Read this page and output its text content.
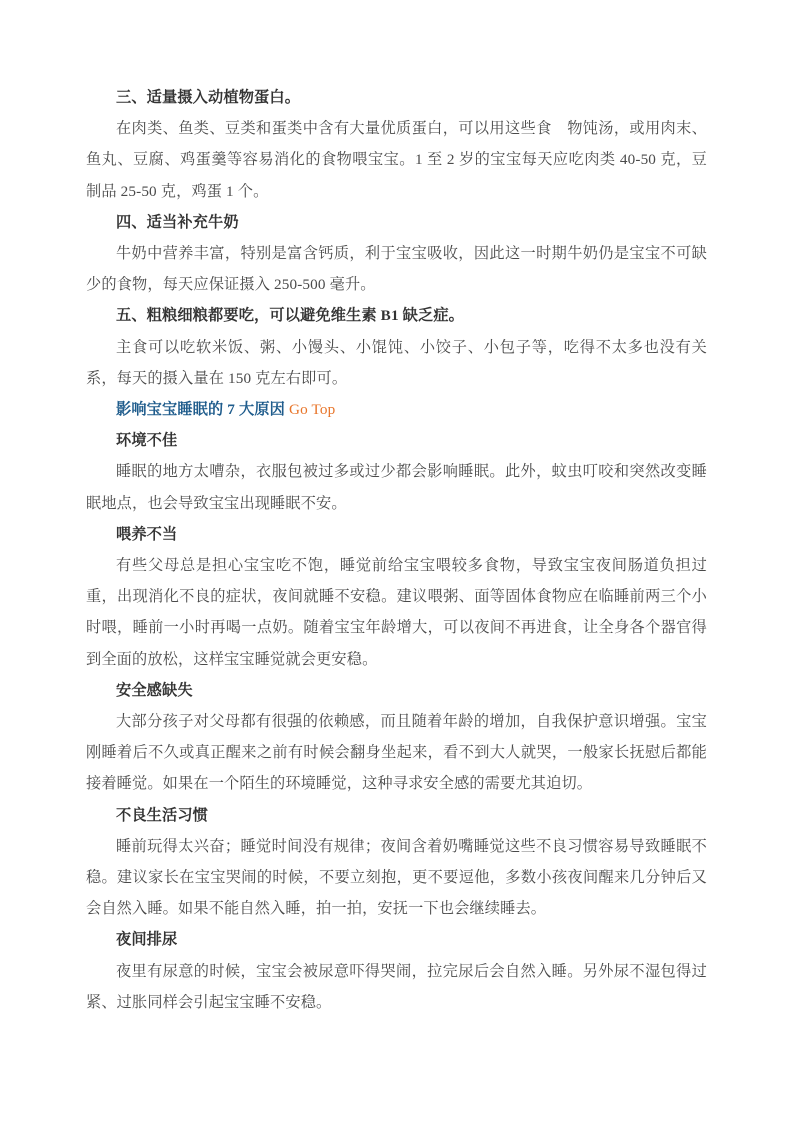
三、适量摄入动植物蛋白。

在肉类、鱼类、豆类和蛋类中含有大量优质蛋白，可以用这些食　物饨汤，或用肉末、鱼丸、豆腐、鸡蛋羹等容易消化的食物喂宝宝。1 至 2 岁的宝宝每天应吃肉类 40-50 克，豆制品 25-50 克，鸡蛋 1 个。

四、适当补充牛奶

牛奶中营养丰富，特别是富含钙质，利于宝宝吸收，因此这一时期牛奶仍是宝宝不可缺少的食物，每天应保证摄入 250-500 毫升。

五、粗粮细粮都要吃，可以避免维生素 B1 缺乏症。

主食可以吃软米饭、粥、小馒头、小馄饨、小饺子、小包子等，吃得不太多也没有关系，每天的摄入量在 150 克左右即可。

影响宝宝睡眠的 7 大原因 Go Top

环境不佳

睡眠的地方太嘈杂，衣服包被过多或过少都会影响睡眠。此外，蚊虫叮咬和突然改变睡眠地点，也会导致宝宝出现睡眠不安。

喂养不当

有些父母总是担心宝宝吃不饱，睡觉前给宝宝喂较多食物，导致宝宝夜间肠道负担过重，出现消化不良的症状，夜间就睡不安稳。建议喂粥、面等固体食物应在临睡前两三个小时喂，睡前一小时再喝一点奶。随着宝宝年龄增大，可以夜间不再进食，让全身各个器官得到全面的放松，这样宝宝睡觉就会更安稳。

安全感缺失

大部分孩子对父母都有很强的依赖感，而且随着年龄的增加，自我保护意识增强。宝宝刚睡着后不久或真正醒来之前有时候会翻身坐起来，看不到大人就哭，一般家长抚慰后都能接着睡觉。如果在一个陌生的环境睡觉，这种寻求安全感的需要尤其迫切。

不良生活习惯

睡前玩得太兴奋；睡觉时间没有规律；夜间含着奶嘴睡觉这些不良习惯容易导致睡眠不稳。建议家长在宝宝哭闹的时候，不要立刻抱，更不要逗他，多数小孩夜间醒来几分钟后又会自然入睡。如果不能自然入睡，拍一拍，安抚一下也会继续睡去。

夜间排尿

夜里有尿意的时候，宝宝会被尿意吓得哭闹，拉完尿后会自然入睡。另外尿不湿包得过紧、过胀同样会引起宝宝睡不安稳。
